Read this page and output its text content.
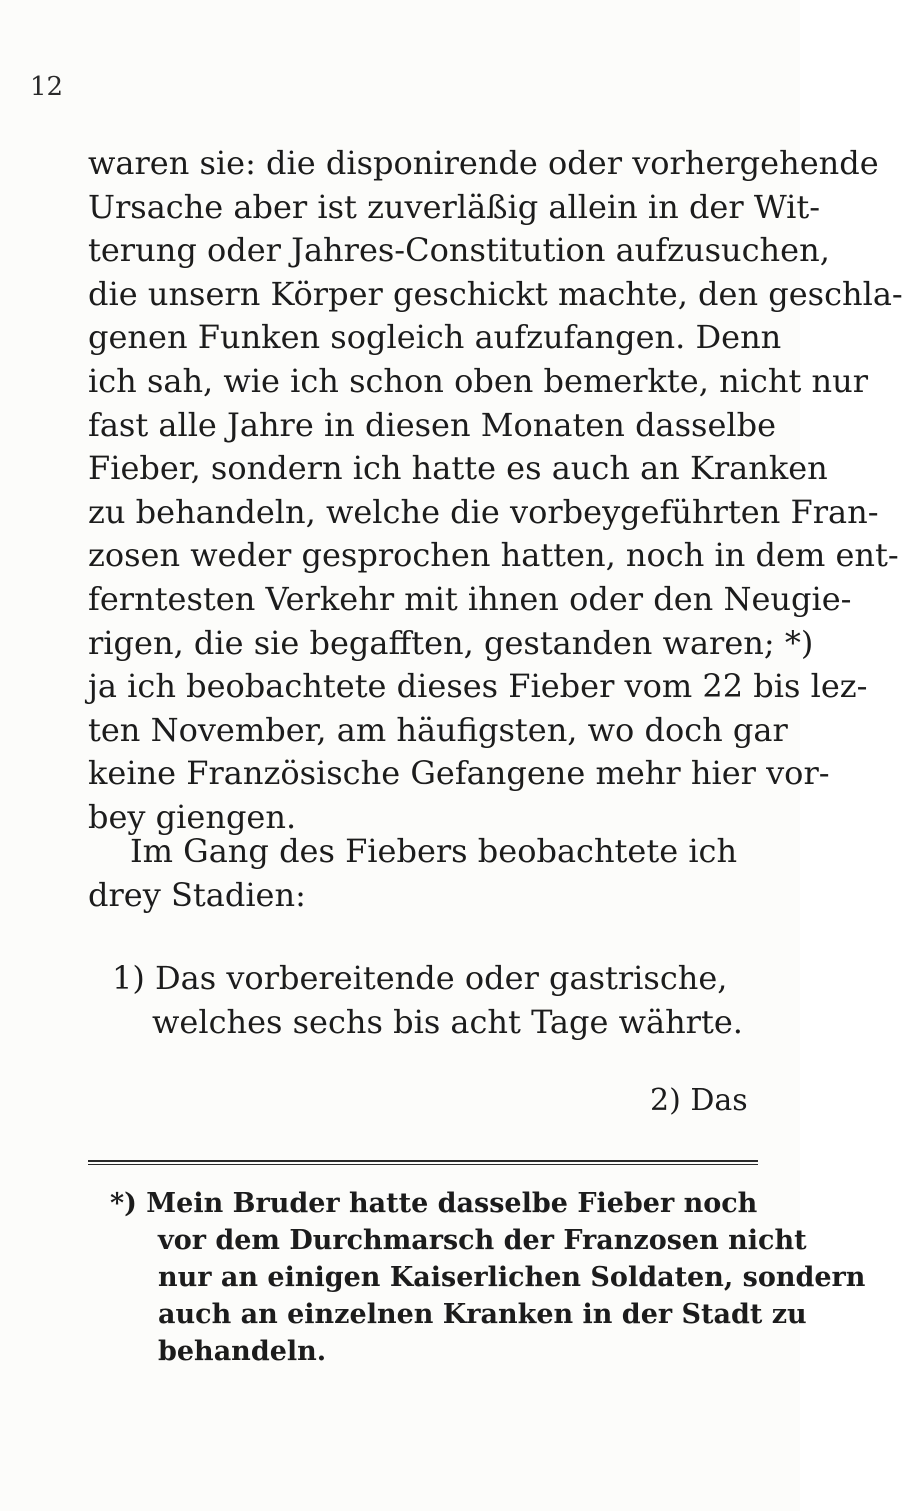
12
waren sie: die disponirende oder vorhergehende
Ursache aber ist zuverläßig allein in der Wit-
terung oder Jahres-Constitution aufzusuchen,
die unsern Körper geschickt machte, den geschla-
genen Funken sogleich aufzufangen. Denn
ich sah, wie ich schon oben bemerkte, nicht nur
fast alle Jahre in diesen Monaten dasselbe
Fieber, sondern ich hatte es auch an Kranken
zu behandeln, welche die vorbeygeführten Fran-
zosen weder gesprochen hatten, noch in dem ent-
ferntesten Verkehr mit ihnen oder den Neugie-
rigen, die sie begafften, gestanden waren; *)
ja ich beobachtete dieses Fieber vom 22 bis lez-
ten November, am häufigsten, wo doch gar
keine Französische Gefangene mehr hier vor-
bey giengen.
Im Gang des Fiebers beobachtete ich
drey Stadien:
1) Das vorbereitende oder gastrische,
welches sechs bis acht Tage währte.
2) Das
*) Mein Bruder hatte dasselbe Fieber noch
vor dem Durchmarsch der Franzosen nicht
nur an einigen Kaiserlichen Soldaten, sondern
auch an einzelnen Kranken in der Stadt zu
behandeln.
